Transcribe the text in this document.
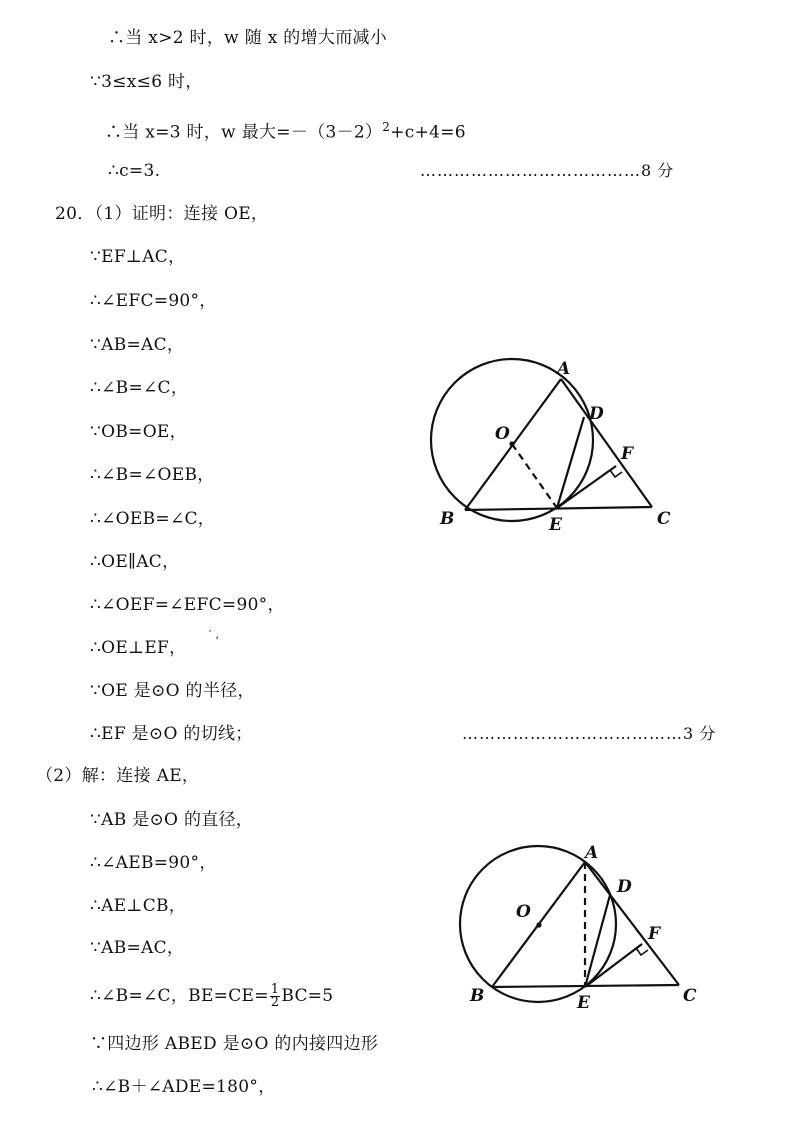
∴当 x>2 时，w 随 x 的增大而减小
∵3≤x≤6 时，
∴当 x=3 时，w 最大$=-(3-2)^2+c+4=6$
∴c=3.	…………………………………8 分
20．（1）证明：连接 OE，
∵EF⊥AC，
∴∠EFC=90°，
∵AB=AC，
∴∠B=∠C，
∵OB=OE，
∴∠B=∠OEB，
∴∠OEB=∠C，
∴OE∥AC，
∴∠OEF=∠EFC=90°，
∴OE⊥EF，
′ ,
∵OE 是⊙O 的半径，
∴EF 是⊙O 的切线；	…………………………………3 分
（2）解：连接 AE，
∵AB 是⊙O 的直径，
∴∠AEB=90°，
∴AE⊥CB，
∵AB=AC，
∴∠B=∠C，$BE=CE= \frac{1}{2} BC=5$
∵四边形 ABED 是⊙O 的内接四边形
∴∠B＋∠ADE=180°，
A
D
O
F
B	E	C
A
D
O
F
B	E	C
